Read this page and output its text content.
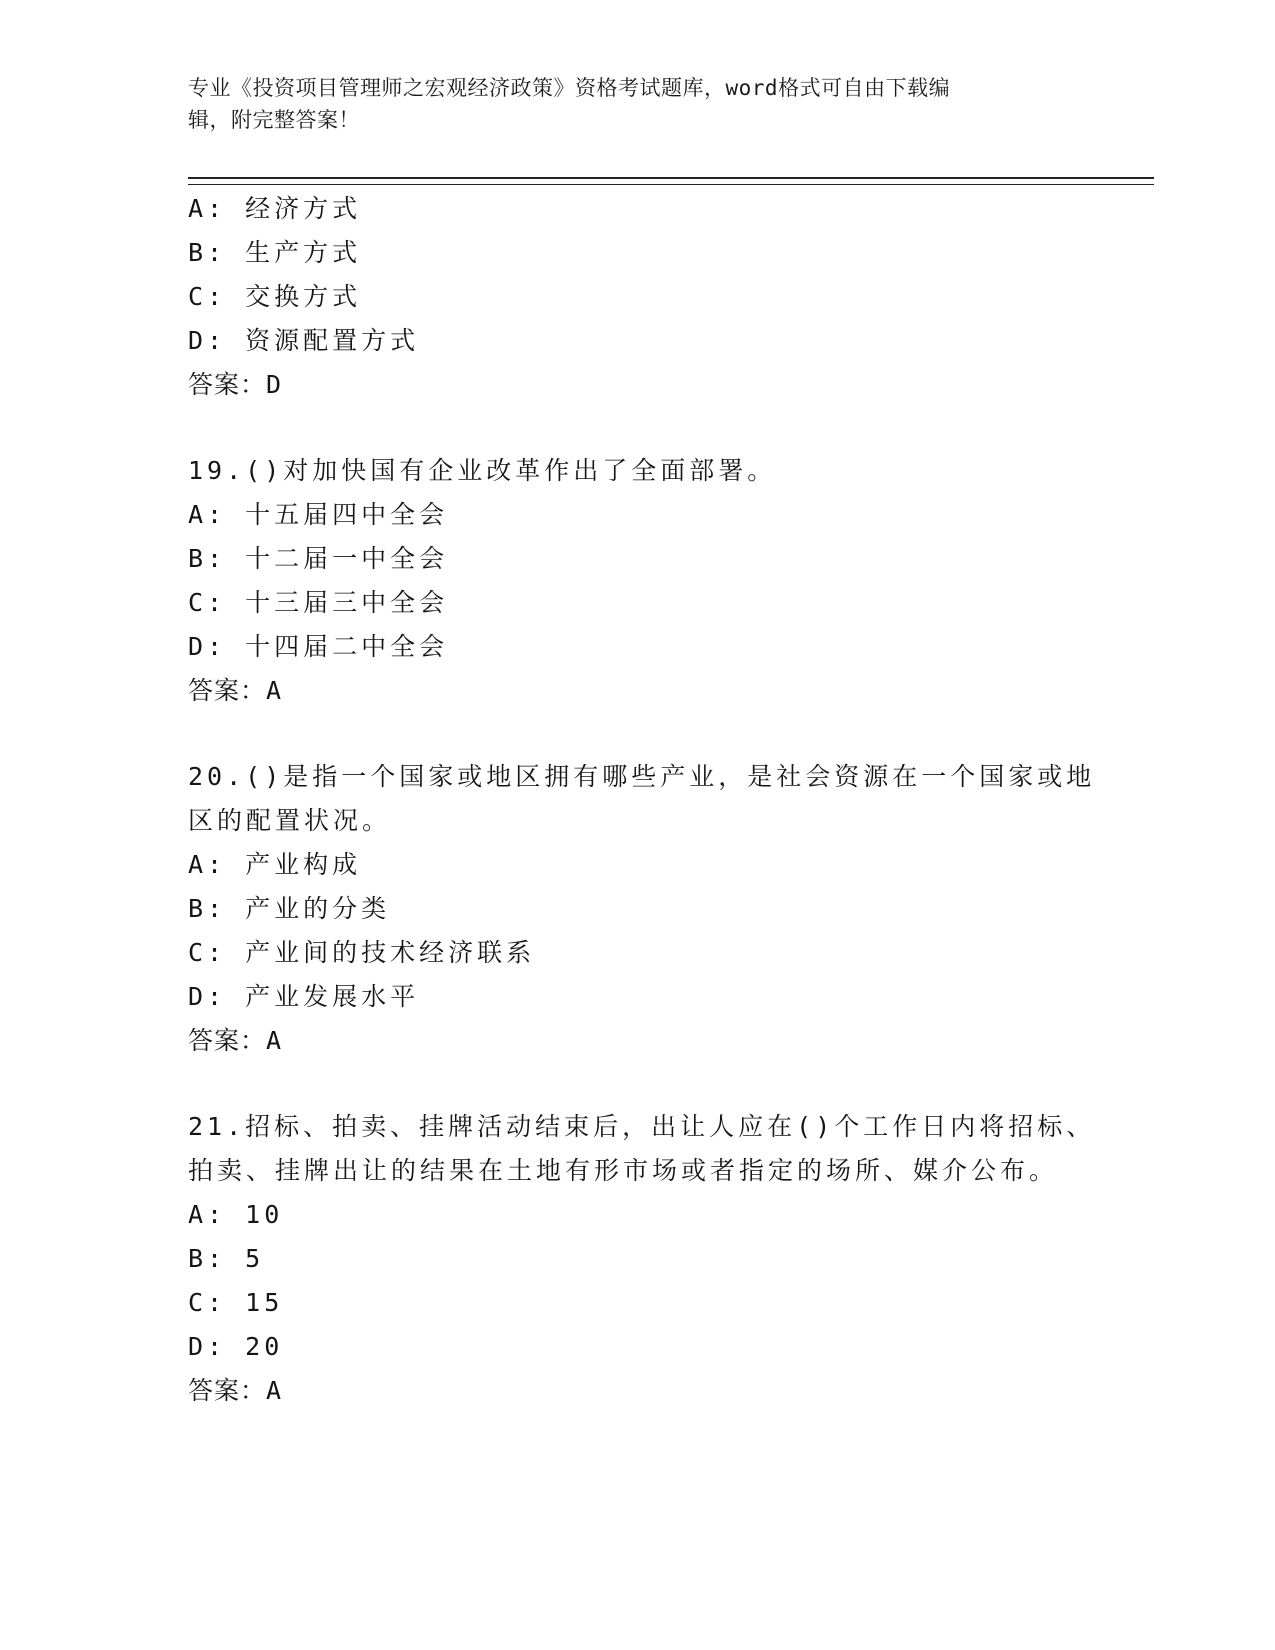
专业《投资项目管理师之宏观经济政策》资格考试题库，word格式可自由下载编
辑，附完整答案！
A: 经济方式
B: 生产方式
C: 交换方式
D: 资源配置方式
答案：D
19.()对加快国有企业改革作出了全面部署。
A: 十五届四中全会
B: 十二届一中全会
C: 十三届三中全会
D: 十四届二中全会
答案：A
20.()是指一个国家或地区拥有哪些产业，是社会资源在一个国家或地
区的配置状况。
A: 产业构成
B: 产业的分类
C: 产业间的技术经济联系
D: 产业发展水平
答案：A
21.招标、拍卖、挂牌活动结束后，出让人应在()个工作日内将招标、
拍卖、挂牌出让的结果在土地有形市场或者指定的场所、媒介公布。
A: 10
B: 5
C: 15
D: 20
答案：A
